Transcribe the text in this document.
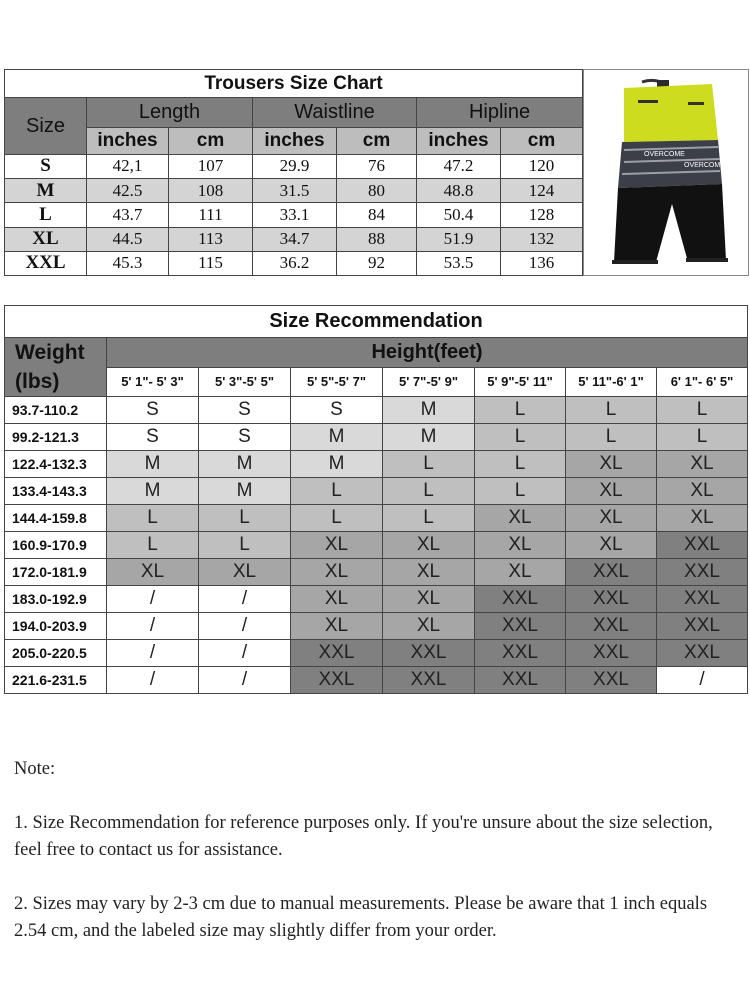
Trousers Size Chart						
Size	Length		Waistline		Hipline	
	inches	cm	inches	cm	inches	cm
S	42,1	107	29.9	76	47.2	120
M	42.5	108	31.5	80	48.8	124
L	43.7	111	33.1	84	50.4	128
XL	44.5	113	34.7	88	51.9	132
XXL	45.3	115	36.2	92	53.5	136
OVERCOME
OVERCOME
Size Recommendation							

Weight
(lbs)	Height(feet)						
	5' 1"- 5' 3"	5' 3"-5' 5"	5' 5"-5' 7"	5' 7"-5' 9"	5' 9"-5' 11"	5' 11"-6' 1"	6' 1"- 6' 5"
93.7-110.2	S	S	S	M	L	L	L
99.2-121.3	S	S	M	M	L	L	L
122.4-132.3	M	M	M	L	L	XL	XL
133.4-143.3	M	M	L	L	L	XL	XL
144.4-159.8	L	L	L	L	XL	XL	XL
160.9-170.9	L	L	XL	XL	XL	XL	XXL
172.0-181.9	XL	XL	XL	XL	XL	XXL	XXL
183.0-192.9	/	/	XL	XL	XXL	XXL	XXL
194.0-203.9	/	/	XL	XL	XXL	XXL	XXL
205.0-220.5	/	/	XXL	XXL	XXL	XXL	XXL
221.6-231.5	/	/	XXL	XXL	XXL	XXL	/

Note:

1. Size Recommendation for reference purposes only. If you're unsure about the size selection, feel free to contact us for assistance.

2. Sizes may vary by 2-3 cm due to manual measurements. Please be aware that 1 inch equals 2.54 cm, and the labeled size may slightly differ from your order.
